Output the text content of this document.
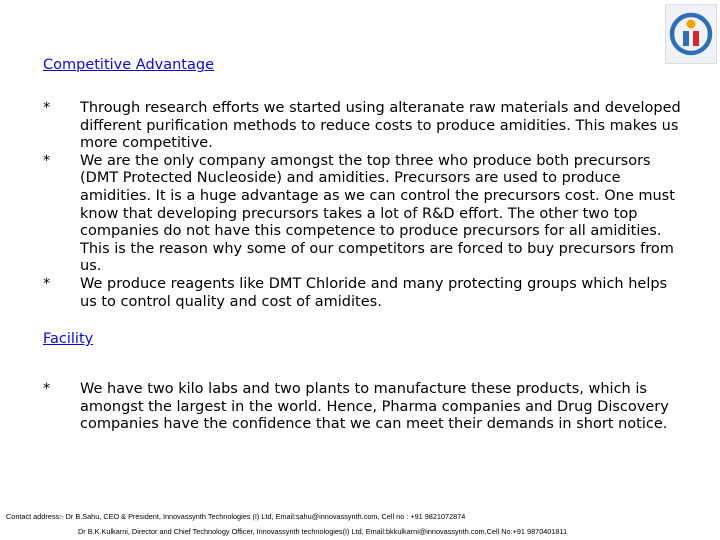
Competitive Advantage
* Through research efforts we started using alteranate raw materials and developed different purification methods to reduce costs to produce amidities. This makes us more competitive.
* We are the only company amongst the top three who produce both precursors (DMT Protected Nucleoside) and amidities. Precursors are used to produce amidities. It is a huge advantage as we can control the precursors cost. One must know that developing precursors takes a lot of R&D effort. The other two top companies do not have this competence to produce precursors for all amidities. This is the reason why some of our competitors are forced to buy precursors from us.
* We produce reagents like DMT Chloride and many protecting groups which helps us to control quality and cost of amidites.
Facility
* We have two kilo labs and two plants to manufacture these products, which is amongst the largest in the world. Hence, Pharma companies and Drug Discovery companies have the confidence that we can meet their demands in short notice.
Contact address:- Dr B.Sahu, CEO & President, Innovassynth Technologies (I) Ltd, Email:sahu@innovassynth.com, Cell no : +91 9821072874
Dr B.K.Kulkarni, Director and Chief Technology Officer, Innovassynth technologies(I) Ltd, Email:bkkulkarni@innovassynth.com,Cell No:+91 9870401811
